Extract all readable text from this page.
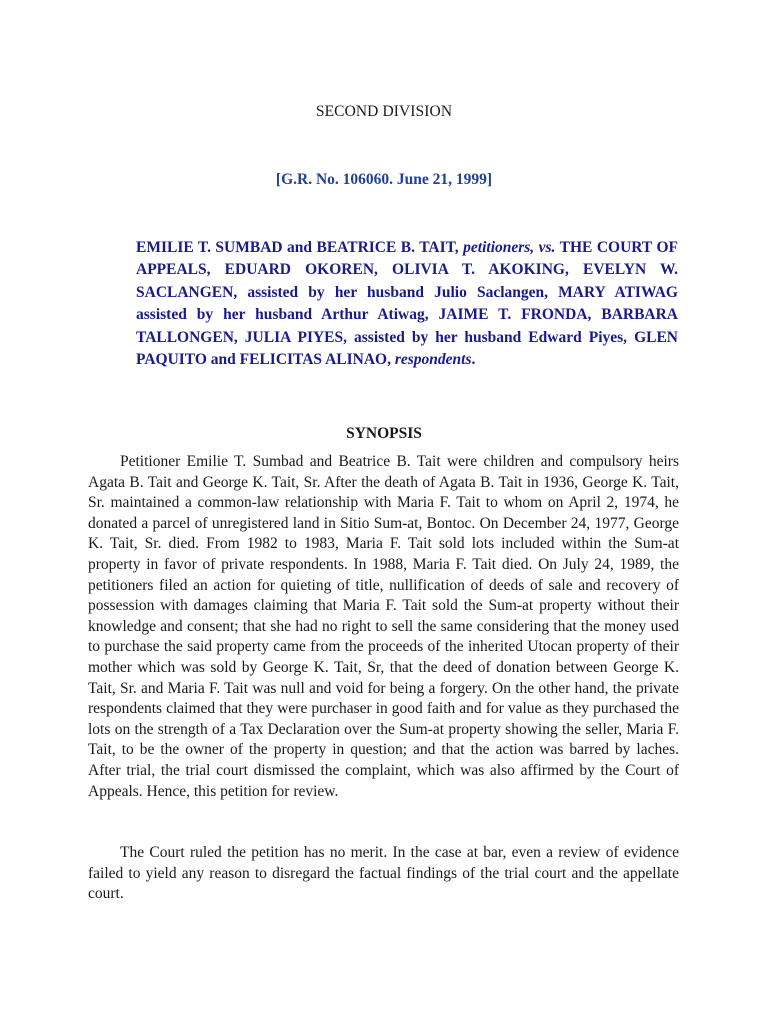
SECOND DIVISION
[G.R. No. 106060. June 21, 1999]
EMILIE T. SUMBAD and BEATRICE B. TAIT, petitioners, vs. THE COURT OF APPEALS, EDUARD OKOREN, OLIVIA T. AKOKING, EVELYN W. SACLANGEN, assisted by her husband Julio Saclangen, MARY ATIWAG assisted by her husband Arthur Atiwag, JAIME T. FRONDA, BARBARA TALLONGEN, JULIA PIYES, assisted by her husband Edward Piyes, GLEN PAQUITO and FELICITAS ALINAO, respondents.
SYNOPSIS

Petitioner Emilie T. Sumbad and Beatrice B. Tait were children and compulsory heirs Agata B. Tait and George K. Tait, Sr. After the death of Agata B. Tait in 1936, George K. Tait, Sr. maintained a common-law relationship with Maria F. Tait to whom on April 2, 1974, he donated a parcel of unregistered land in Sitio Sum-at, Bontoc. On December 24, 1977, George K. Tait, Sr. died. From 1982 to 1983, Maria F. Tait sold lots included within the Sum-at property in favor of private respondents. In 1988, Maria F. Tait died. On July 24, 1989, the petitioners filed an action for quieting of title, nullification of deeds of sale and recovery of possession with damages claiming that Maria F. Tait sold the Sum-at property without their knowledge and consent; that she had no right to sell the same considering that the money used to purchase the said property came from the proceeds of the inherited Utocan property of their mother which was sold by George K. Tait, Sr, that the deed of donation between George K. Tait, Sr. and Maria F. Tait was null and void for being a forgery. On the other hand, the private respondents claimed that they were purchaser in good faith and for value as they purchased the lots on the strength of a Tax Declaration over the Sum-at property showing the seller, Maria F. Tait, to be the owner of the property in question; and that the action was barred by laches. After trial, the trial court dismissed the complaint, which was also affirmed by the Court of Appeals. Hence, this petition for review.

The Court ruled the petition has no merit. In the case at bar, even a review of evidence failed to yield any reason to disregard the factual findings of the trial court and the appellate court.
